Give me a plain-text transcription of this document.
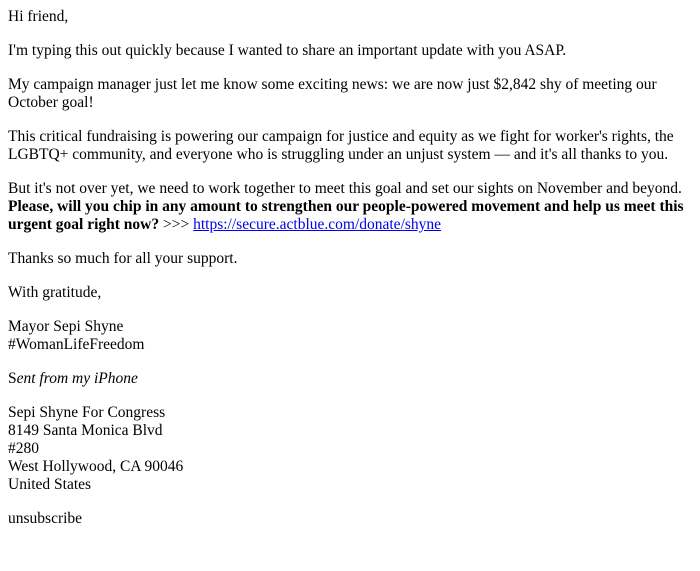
Hi friend,

I'm typing this out quickly because I wanted to share an important update with you ASAP.

My campaign manager just let me know some exciting news: we are now just $2,842 shy of meeting our October goal!

This critical fundraising is powering our campaign for justice and equity as we fight for worker's rights, the LGBTQ+ community, and everyone who is struggling under an unjust system — and it's all thanks to you.

But it's not over yet, we need to work together to meet this goal and set our sights on November and beyond. Please, will you chip in any amount to strengthen our people-powered movement and help us meet this urgent goal right now? >>> https://secure.actblue.com/donate/shyne

Thanks so much for all your support.

With gratitude,

Mayor Sepi Shyne
#WomanLifeFreedom

Sent from my iPhone

Sepi Shyne For Congress
8149 Santa Monica Blvd
#280
West Hollywood, CA 90046
United States

unsubscribe
